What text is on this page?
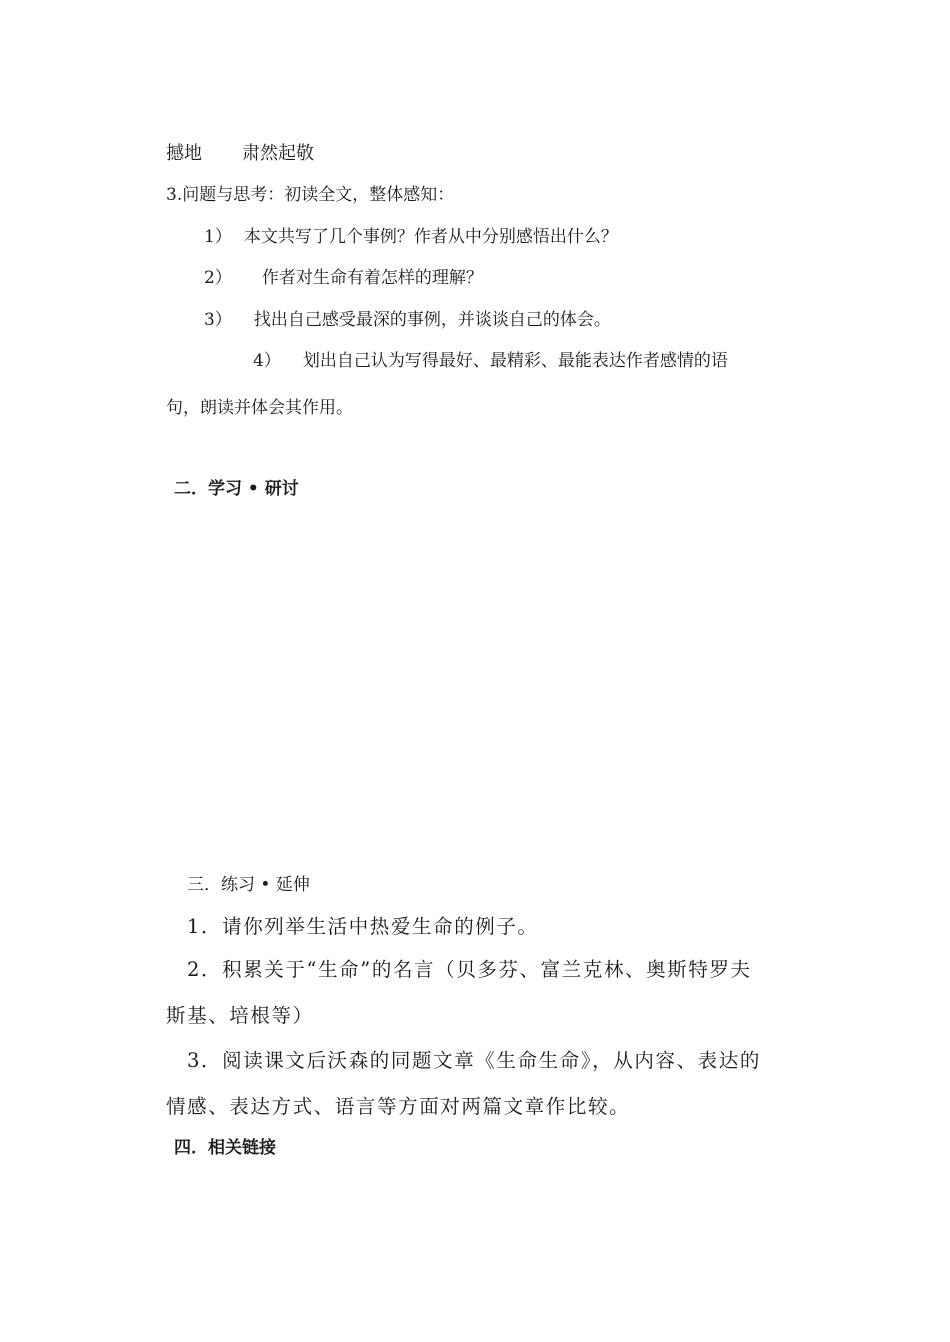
撼地 肃然起敬
3.问题与思考：初读全文，整体感知：
1） 本文共写了几个事例？作者从中分别感悟出什么？
2） 作者对生命有着怎样的理解？
3） 找出自己感受最深的事例，并谈谈自己的体会。
4） 划出自己认为写得最好、最精彩、最能表达作者感情的语
句，朗读并体会其作用。
二．学习 • 研讨
三．练习 • 延伸
1．请你列举生活中热爱生命的例子。
2．积累关于“生命”的名言（贝多芬、富兰克林、奥斯特罗夫
斯基、培根等）
3．阅读课文后沃森的同题文章《生命生命》，从内容、表达的
情感、表达方式、语言等方面对两篇文章作比较。
四．相关链接
